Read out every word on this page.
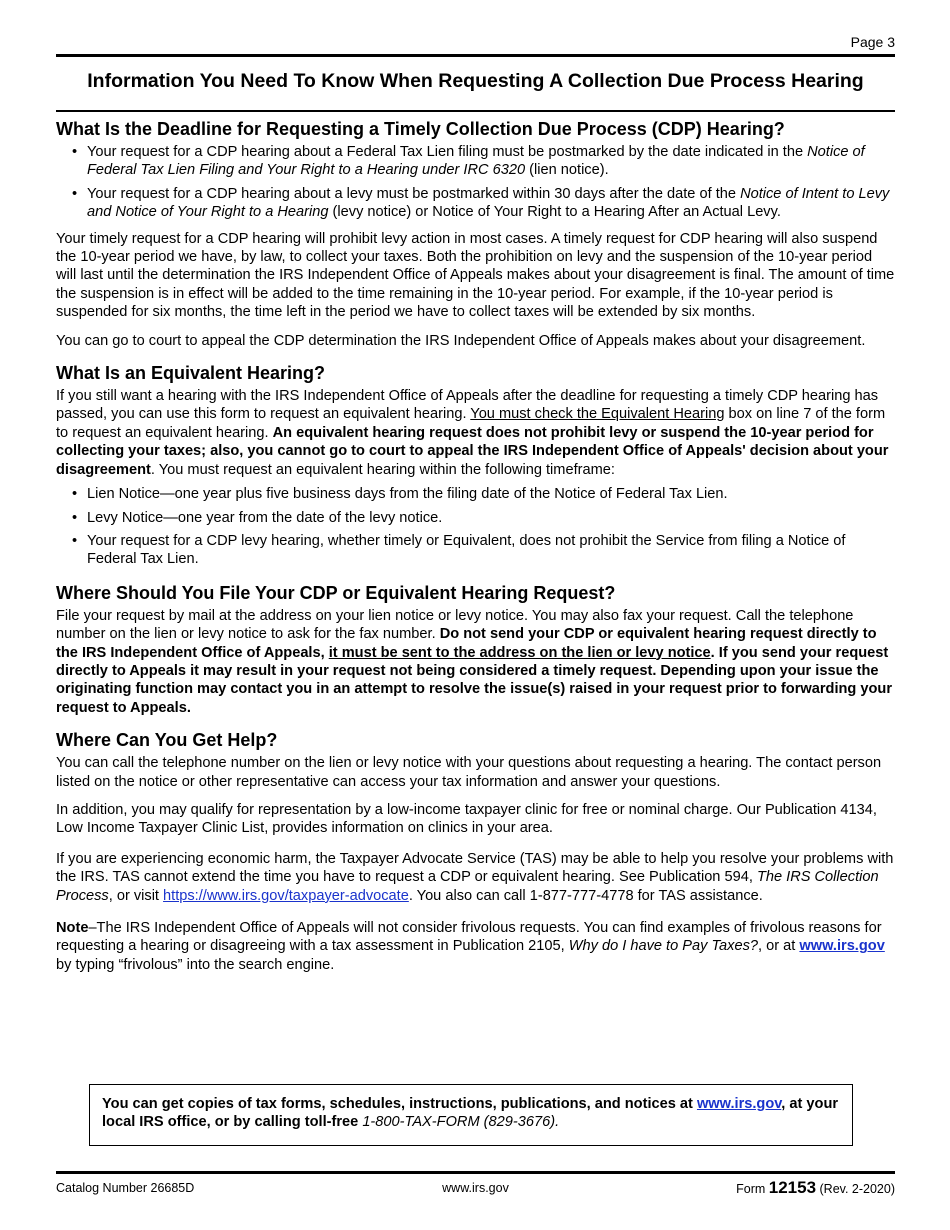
Page 3
Information You Need To Know When Requesting A Collection Due Process Hearing
What Is the Deadline for Requesting a Timely Collection Due Process (CDP) Hearing?
• Your request for a CDP hearing about a Federal Tax Lien filing must be postmarked by the date indicated in the Notice of Federal Tax Lien Filing and Your Right to a Hearing under IRC 6320 (lien notice).
• Your request for a CDP hearing about a levy must be postmarked within 30 days after the date of the Notice of Intent to Levy and Notice of Your Right to a Hearing (levy notice) or Notice of Your Right to a Hearing After an Actual Levy.

Your timely request for a CDP hearing will prohibit levy action in most cases. A timely request for CDP hearing will also suspend the 10-year period we have, by law, to collect your taxes. Both the prohibition on levy and the suspension of the 10-year period will last until the determination the IRS Independent Office of Appeals makes about your disagreement is final. The amount of time the suspension is in effect will be added to the time remaining in the 10-year period. For example, if the 10-year period is suspended for six months, the time left in the period we have to collect taxes will be extended by six months.

You can go to court to appeal the CDP determination the IRS Independent Office of Appeals makes about your disagreement.

What Is an Equivalent Hearing?

If you still want a hearing with the IRS Independent Office of Appeals after the deadline for requesting a timely CDP hearing has passed, you can use this form to request an equivalent hearing. You must check the Equivalent Hearing box on line 7 of the form to request an equivalent hearing. An equivalent hearing request does not prohibit levy or suspend the 10-year period for collecting your taxes; also, you cannot go to court to appeal the IRS Independent Office of Appeals' decision about your disagreement. You must request an equivalent hearing within the following timeframe:

• Lien Notice—one year plus five business days from the filing date of the Notice of Federal Tax Lien.
• Levy Notice—one year from the date of the levy notice.
• Your request for a CDP levy hearing, whether timely or Equivalent, does not prohibit the Service from filing a Notice of Federal Tax Lien.
Where Should You File Your CDP or Equivalent Hearing Request?

File your request by mail at the address on your lien notice or levy notice. You may also fax your request. Call the telephone number on the lien or levy notice to ask for the fax number. Do not send your CDP or equivalent hearing request directly to the IRS Independent Office of Appeals, it must be sent to the address on the lien or levy notice. If you send your request directly to Appeals it may result in your request not being considered a timely request. Depending upon your issue the originating function may contact you in an attempt to resolve the issue(s) raised in your request prior to forwarding your request to Appeals.

Where Can You Get Help?

You can call the telephone number on the lien or levy notice with your questions about requesting a hearing. The contact person listed on the notice or other representative can access your tax information and answer your questions.

In addition, you may qualify for representation by a low-income taxpayer clinic for free or nominal charge. Our Publication 4134, Low Income Taxpayer Clinic List, provides information on clinics in your area.

If you are experiencing economic harm, the Taxpayer Advocate Service (TAS) may be able to help you resolve your problems with the IRS. TAS cannot extend the time you have to request a CDP or equivalent hearing. See Publication 594, The IRS Collection Process, or visit https://www.irs.gov/taxpayer-advocate. You also can call 1-877-777-4778 for TAS assistance.

Note–The IRS Independent Office of Appeals will not consider frivolous requests. You can find examples of frivolous reasons for requesting a hearing or disagreeing with a tax assessment in Publication 2105, Why do I have to Pay Taxes?, or at www.irs.gov by typing “frivolous” into the search engine.

You can get copies of tax forms, schedules, instructions, publications, and notices at www.irs.gov, at your local IRS office, or by calling toll-free 1-800-TAX-FORM (829-3676).
Catalog Number 26685D	www.irs.gov	Form 12153 (Rev. 2-2020)
